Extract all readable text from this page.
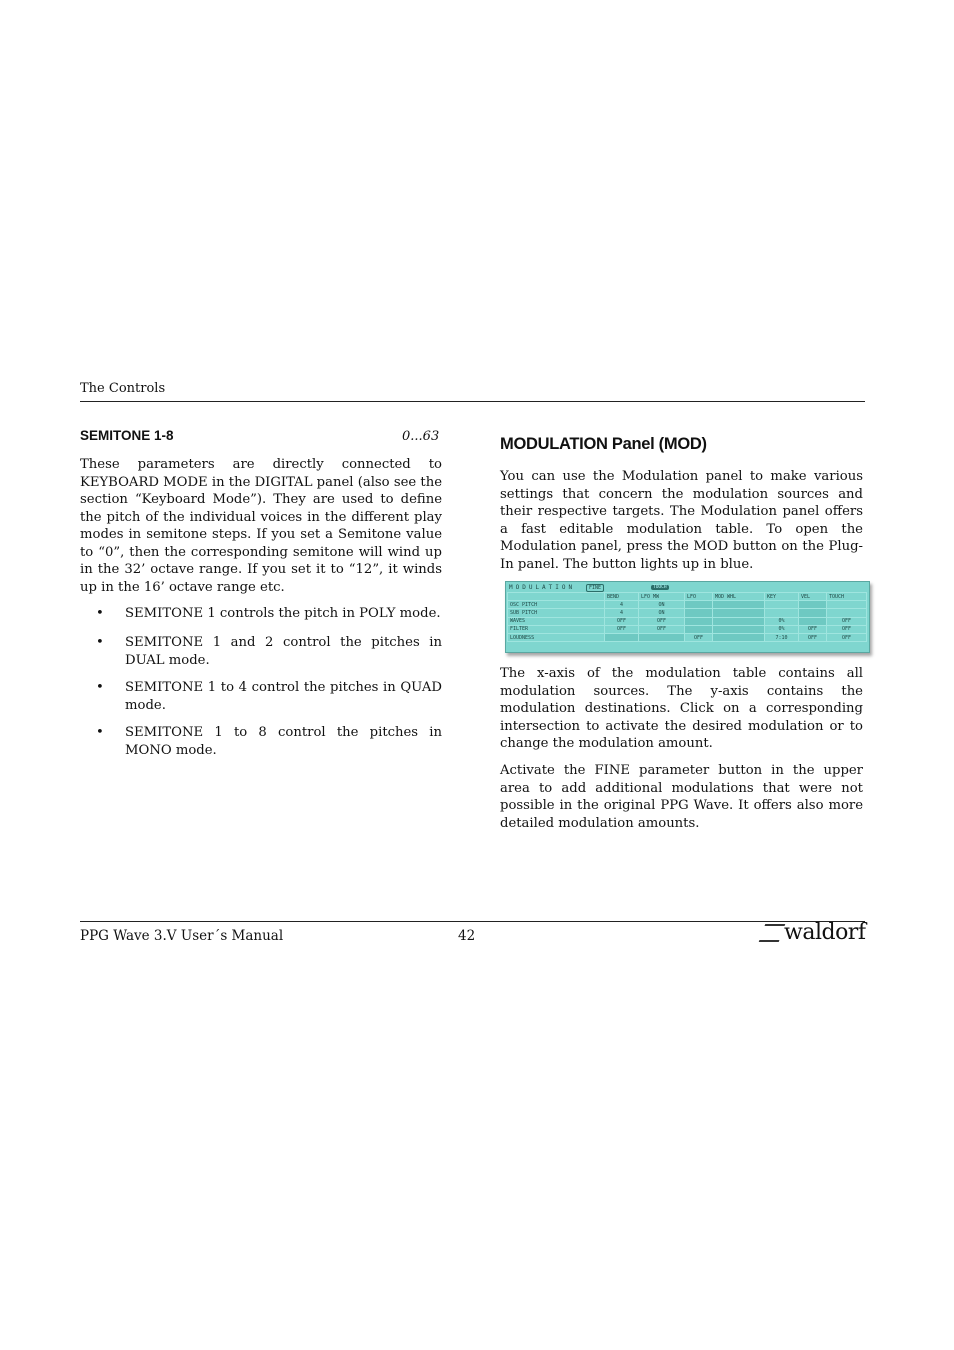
The Controls
SEMITONE 1-8	0...63
These parameters are directly connected to KEYBOARD MODE in the DIGITAL panel (also see the section “Keyboard Mode”). They are used to define the pitch of the individual voices in the different play modes in semitone steps. If you set a Semitone value to “0”, then the corresponding semitone will wind up in the 32’ octave range. If you set it to “12”, it winds up in the 16’ octave range etc.
• SEMITONE 1 controls the pitch in POLY mode.
• SEMITONE 1 and 2 control the pitches in DUAL mode.
• SEMITONE 1 to 4 control the pitches in QUAD mode.
• SEMITONE 1 to 8 control the pitches in MONO mode.
MODULATION Panel (MOD)
You can use the Modulation panel to make various settings that concern the modulation sources and their respective targets. The Modulation panel offers a fast editable modulation table. To open the Modulation panel, press the MOD button on the Plug-In panel. The button lights up in blue.
MODULATION	FINE	TOUCH
	BEND	LFO MW	LFO	MOD WHL	KEY	VEL	TOUCH
OSC PITCH	4	ON					
SUB PITCH	4	ON					
WAVES	OFF	OFF			0%		OFF
FILTER	OFF	OFF			0%	OFF	OFF
LOUDNESS			OFF		7:10	OFF	OFF
The x-axis of the modulation table contains all modulation sources. The y-axis contains the modulation destinations. Click on a corresponding intersection to activate the desired modulation or to change the modulation amount.
Activate the FINE parameter button in the upper area to add additional modulations that were not possible in the original PPG Wave. It offers also more detailed modulation amounts.
PPG Wave 3.V User´s Manual	42	waldorf
